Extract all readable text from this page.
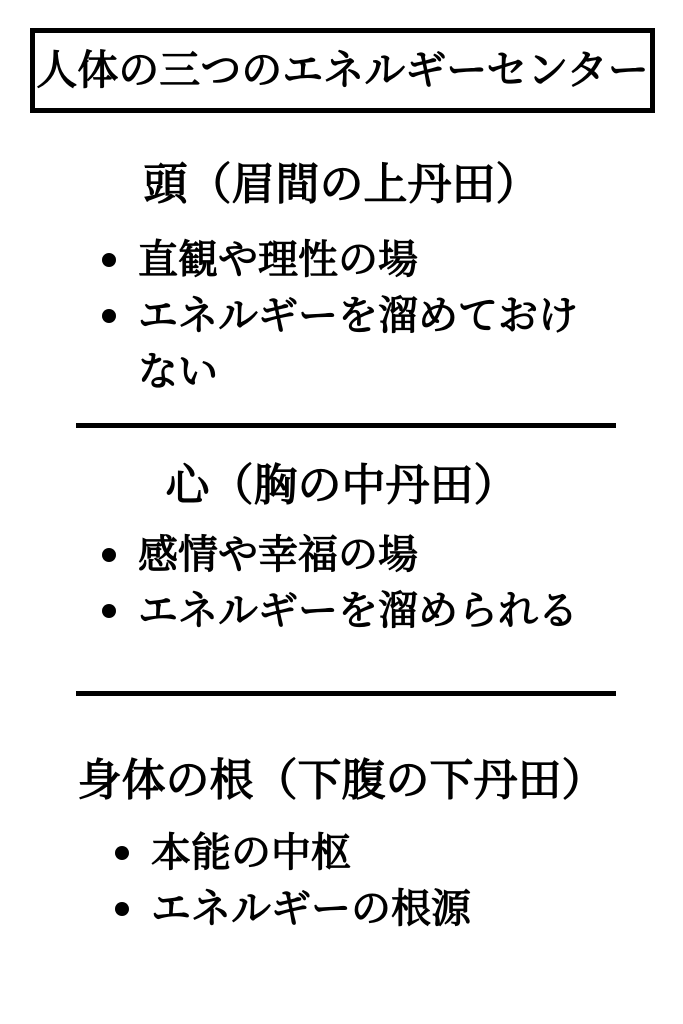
人体の三つのエネルギーセンター
頭（眉間の上丹田）
直観や理性の場
エネルギーを溜めておけない
心（胸の中丹田）
感情や幸福の場
エネルギーを溜められる
身体の根（下腹の下丹田）
本能の中枢
エネルギーの根源
